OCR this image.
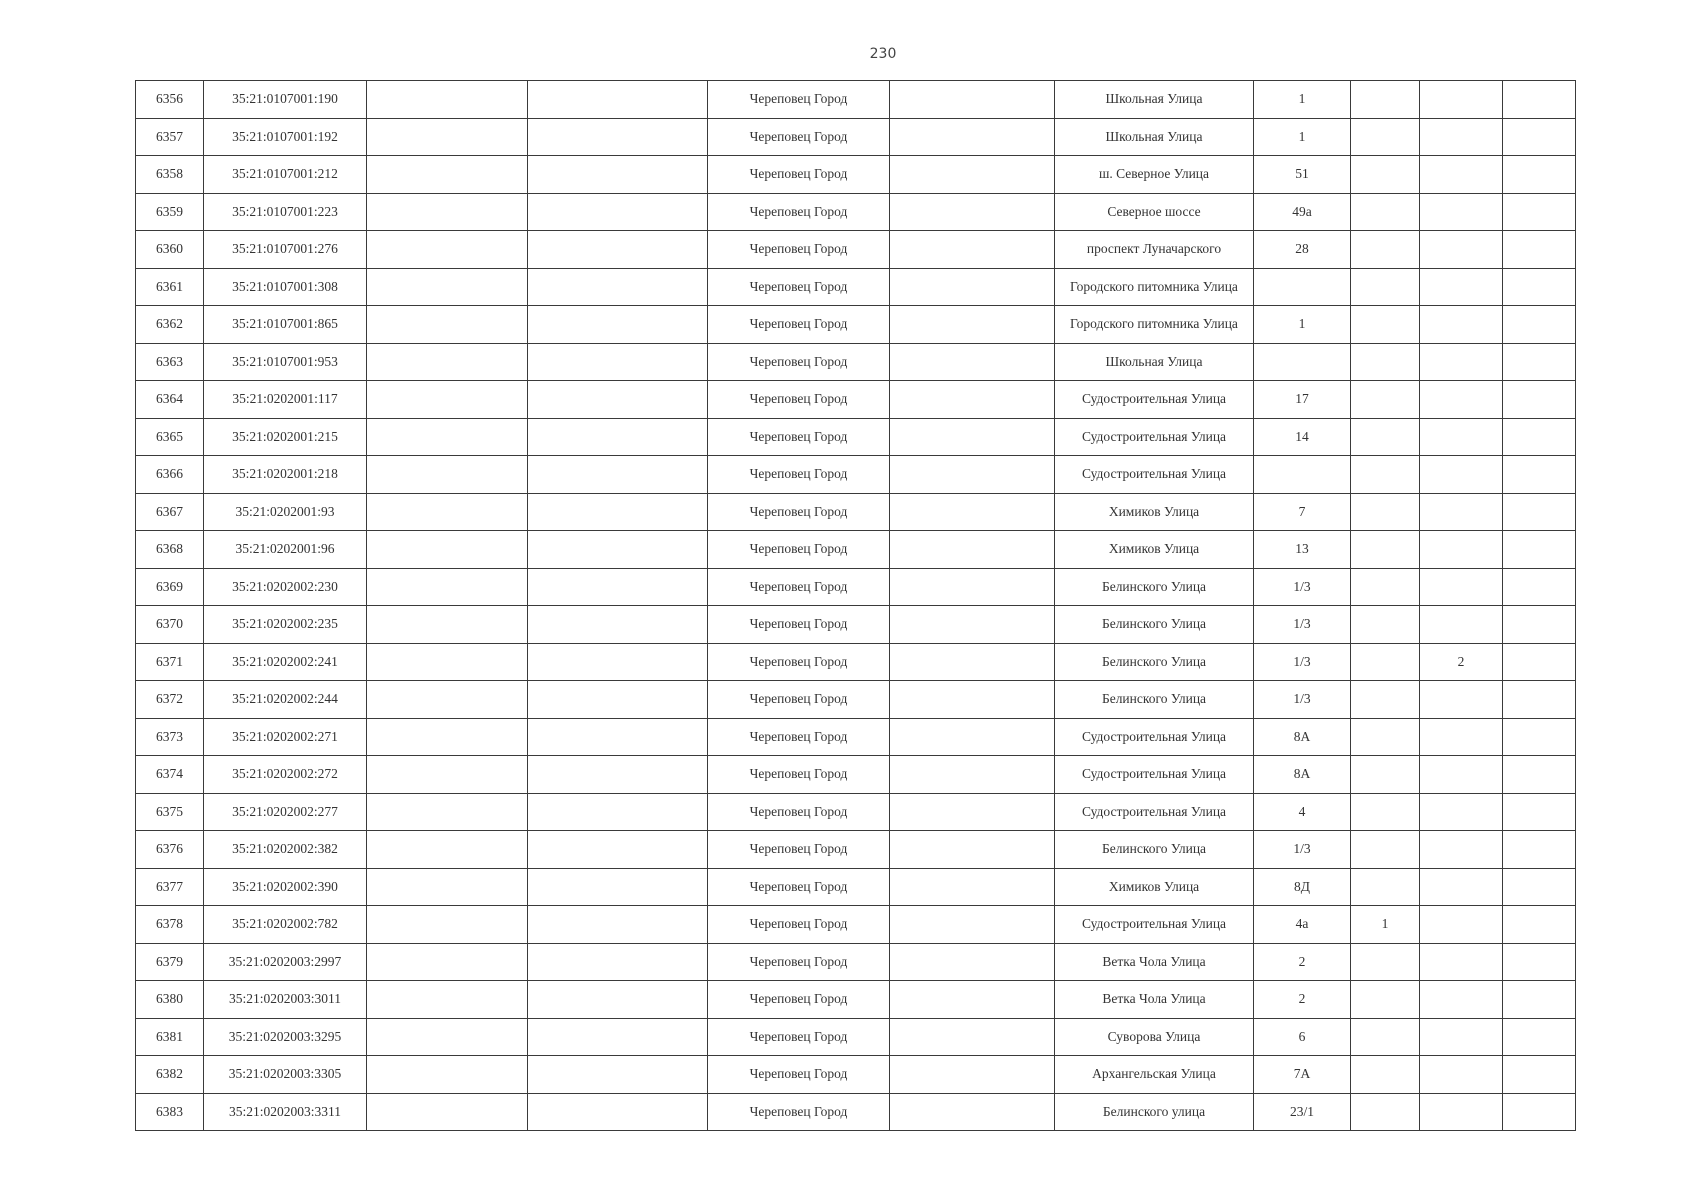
230
6356	35:21:0107001:190			Череповец Город		Школьная Улица	1			
6357	35:21:0107001:192			Череповец Город		Школьная Улица	1			
6358	35:21:0107001:212			Череповец Город		ш. Северное Улица	51			
6359	35:21:0107001:223			Череповец Город		Северное шоссе	49а			
6360	35:21:0107001:276			Череповец Город		проспект Луначарского	28			
6361	35:21:0107001:308			Череповец Город		Городского питомника Улица				
6362	35:21:0107001:865			Череповец Город		Городского питомника Улица	1			
6363	35:21:0107001:953			Череповец Город		Школьная Улица				
6364	35:21:0202001:117			Череповец Город		Судостроительная Улица	17			
6365	35:21:0202001:215			Череповец Город		Судостроительная Улица	14			
6366	35:21:0202001:218			Череповец Город		Судостроительная Улица				
6367	35:21:0202001:93			Череповец Город		Химиков Улица	7			
6368	35:21:0202001:96			Череповец Город		Химиков Улица	13			
6369	35:21:0202002:230			Череповец Город		Белинского Улица	1/3			
6370	35:21:0202002:235			Череповец Город		Белинского Улица	1/3			
6371	35:21:0202002:241			Череповец Город		Белинского Улица	1/3		2	
6372	35:21:0202002:244			Череповец Город		Белинского Улица	1/3			
6373	35:21:0202002:271			Череповец Город		Судостроительная Улица	8А			
6374	35:21:0202002:272			Череповец Город		Судостроительная Улица	8А			
6375	35:21:0202002:277			Череповец Город		Судостроительная Улица	4			
6376	35:21:0202002:382			Череповец Город		Белинского Улица	1/3			
6377	35:21:0202002:390			Череповец Город		Химиков Улица	8Д			
6378	35:21:0202002:782			Череповец Город		Судостроительная Улица	4а	1		
6379	35:21:0202003:2997			Череповец Город		Ветка Чола Улица	2			
6380	35:21:0202003:3011			Череповец Город		Ветка Чола Улица	2			
6381	35:21:0202003:3295			Череповец Город		Суворова Улица	6			
6382	35:21:0202003:3305			Череповец Город		Архангельская Улица	7А			
6383	35:21:0202003:3311			Череповец Город		Белинского улица	23/1			
